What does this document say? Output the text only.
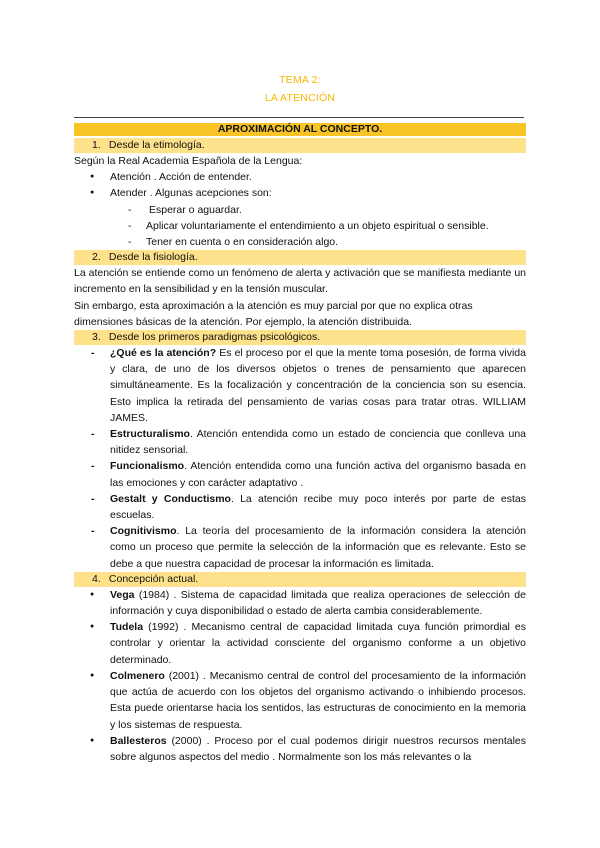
TEMA 2:
LA ATENCIÓN
APROXIMACIÓN AL CONCEPTO.
1. Desde la etimología.

Según la Real Academia Española de la Lengua:

● Atención . Acción de entender.
● Atender . Algunas acepciones son:
- Esperar o aguardar.
- Aplicar voluntariamente el entendimiento a un objeto espiritual o sensible.
- Tener en cuenta o en consideración algo.
2. Desde la fisiología.

La atención se entiende como un fenómeno de alerta y activación que se manifiesta mediante un incremento en la sensibilidad y en la tensión muscular.

Sin embargo, esta aproximación a la atención es muy parcial por que no explica otras dimensiones básicas de la atención. Por ejemplo, la atención distribuida.

3. Desde los primeros paradigmas psicológicos.
- ¿Qué es la atención? Es el proceso por el que la mente toma posesión, de forma vivida y clara, de uno de los diversos objetos o trenes de pensamiento que aparecen simultáneamente. Es la focalización y concentración de la conciencia son su esencia. Esto implica la retirada del pensamiento de varias cosas para tratar otras. WILLIAM JAMES.
- Estructuralismo. Atención entendida como un estado de conciencia que conlleva una nitidez sensorial.
- Funcionalismo. Atención entendida como una función activa del organismo basada en las emociones y con carácter adaptativo .
- Gestalt y Conductismo. La atención recibe muy poco interés por parte de estas escuelas.
- Cognitivismo. La teoría del procesamiento de la información considera la atención como un proceso que permite la selección de la información que es relevante. Esto se debe a que nuestra capacidad de procesar la información es limitada.
4. Concepción actual.
● Vega (1984) . Sistema de capacidad limitada que realiza operaciones de selección de información y cuya disponibilidad o estado de alerta cambia considerablemente.
● Tudela (1992) . Mecanismo central de capacidad limitada cuya función primordial es controlar y orientar la actividad consciente del organismo conforme a un objetivo determinado.
● Colmenero (2001) . Mecanismo central de control del procesamiento de la información que actúa de acuerdo con los objetos del organismo activando o inhibiendo procesos. Esta puede orientarse hacia los sentidos, las estructuras de conocimiento en la memoria y los sistemas de respuesta.
● Ballesteros (2000) . Proceso por el cual podemos dirigir nuestros recursos mentales sobre algunos aspectos del medio . Normalmente son los más relevantes o la
